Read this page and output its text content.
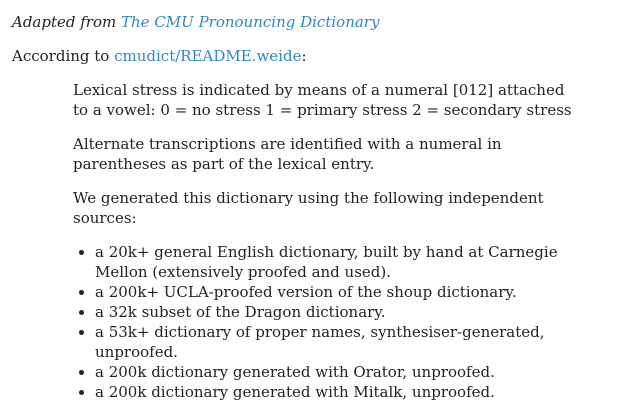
Adapted from The CMU Pronouncing Dictionary

According to cmudict/README.weide:

Lexical stress is indicated by means of a numeral [012] attached
to a vowel: 0 = no stress 1 = primary stress 2 = secondary stress

Alternate transcriptions are identified with a numeral in
parentheses as part of the lexical entry.

We generated this dictionary using the following independent
sources:

• a 20k+ general English dictionary, built by hand at Carnegie
Mellon (extensively proofed and used).
• a 200k+ UCLA-proofed version of the shoup dictionary.
• a 32k subset of the Dragon dictionary.
• a 53k+ dictionary of proper names, synthesiser-generated,
unproofed.
• a 200k dictionary generated with Orator, unproofed.
• a 200k dictionary generated with Mitalk, unproofed.
